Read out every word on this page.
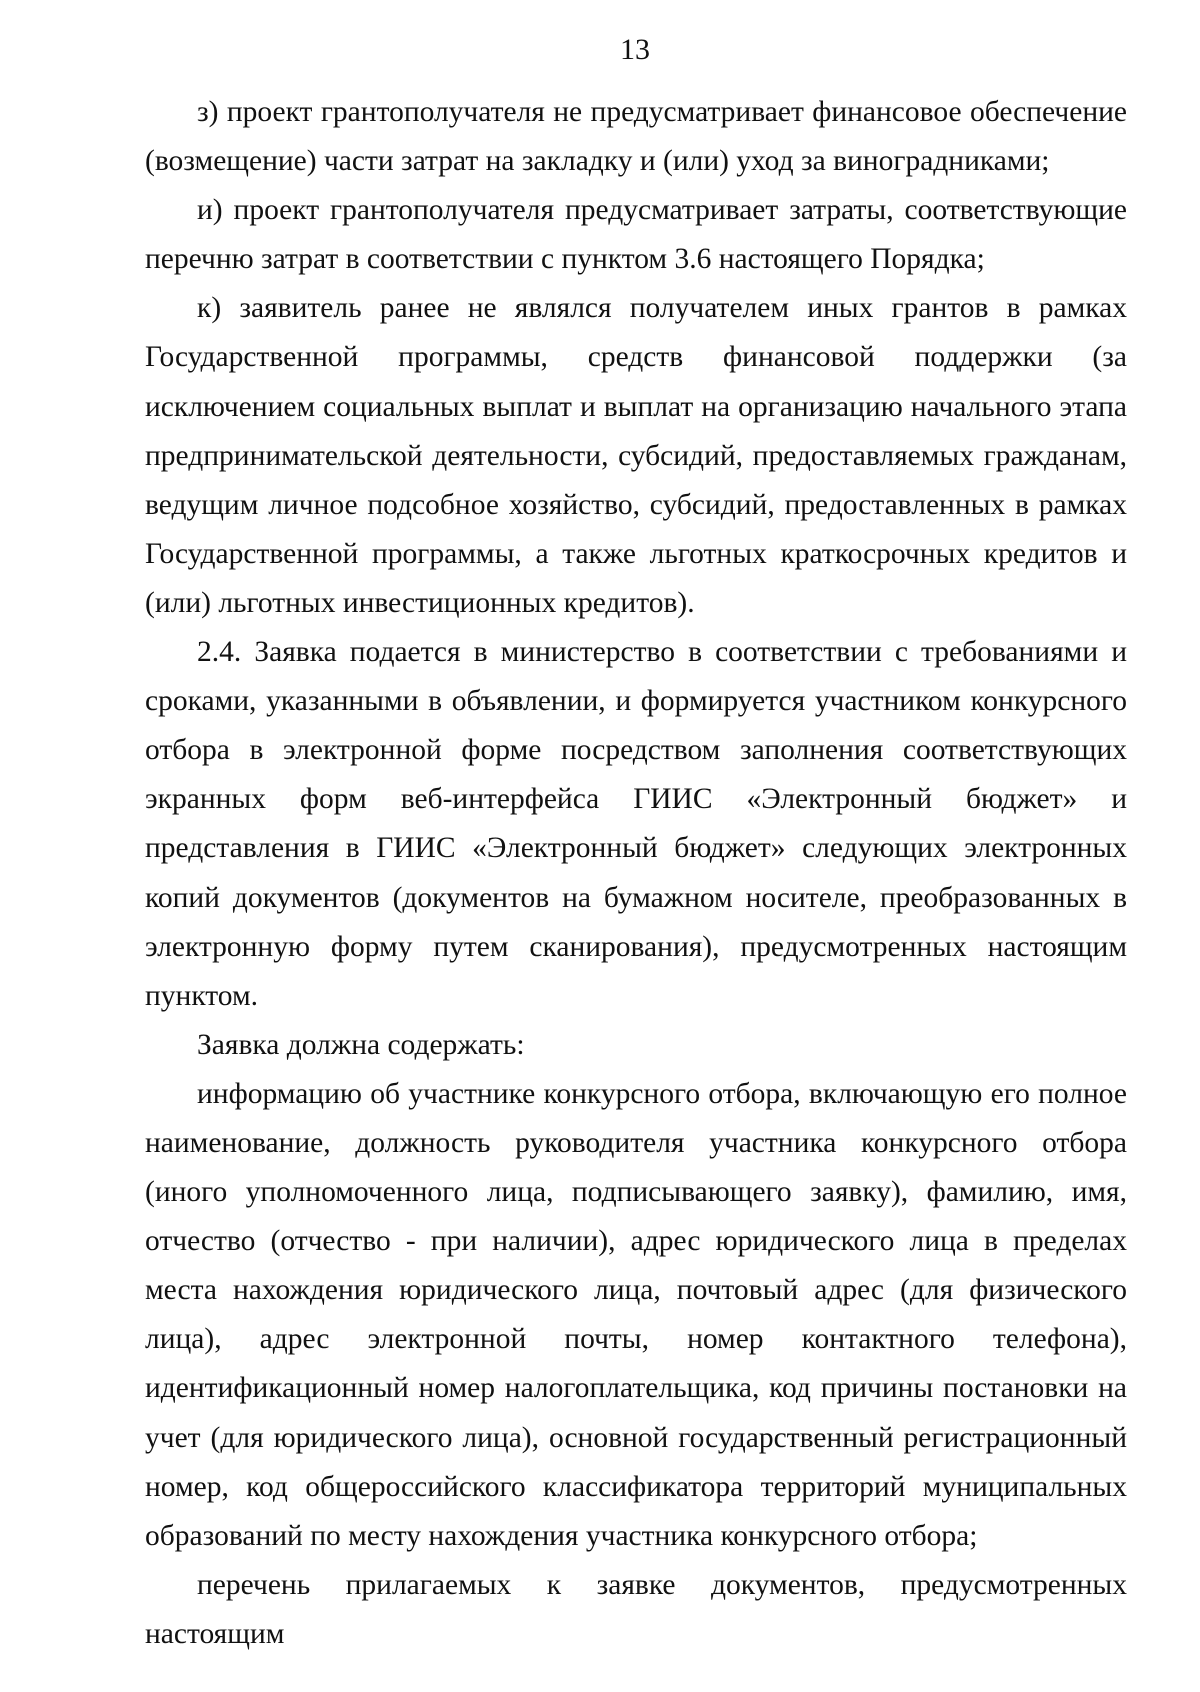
13

з) проект грантополучателя не предусматривает финансовое обеспечение (возмещение) части затрат на закладку и (или) уход за виноградниками;

и) проект грантополучателя предусматривает затраты, соответствующие перечню затрат в соответствии с пунктом 3.6 настоящего Порядка;

к) заявитель ранее не являлся получателем иных грантов в рамках Государственной программы, средств финансовой поддержки (за исключением социальных выплат и выплат на организацию начального этапа предпринимательской деятельности, субсидий, предоставляемых гражданам, ведущим личное подсобное хозяйство, субсидий, предоставленных в рамках Государственной программы, а также льготных краткосрочных кредитов и (или) льготных инвестиционных кредитов).

2.4. Заявка подается в министерство в соответствии с требованиями и сроками, указанными в объявлении, и формируется участником конкурсного отбора в электронной форме посредством заполнения соответствующих экранных форм веб-интерфейса ГИИС «Электронный бюджет» и представления в ГИИС «Электронный бюджет» следующих электронных копий документов (документов на бумажном носителе, преобразованных в электронную форму путем сканирования), предусмотренных настоящим пунктом.

Заявка должна содержать:

информацию об участнике конкурсного отбора, включающую его полное наименование, должность руководителя участника конкурсного отбора (иного уполномоченного лица, подписывающего заявку), фамилию, имя, отчество (отчество - при наличии), адрес юридического лица в пределах места нахождения юридического лица, почтовый адрес (для физического лица), адрес электронной почты, номер контактного телефона), идентификационный номер налогоплательщика, код причины постановки на учет (для юридического лица), основной государственный регистрационный номер, код общероссийского классификатора территорий муниципальных образований по месту нахождения участника конкурсного отбора;

перечень прилагаемых к заявке документов, предусмотренных настоящим
